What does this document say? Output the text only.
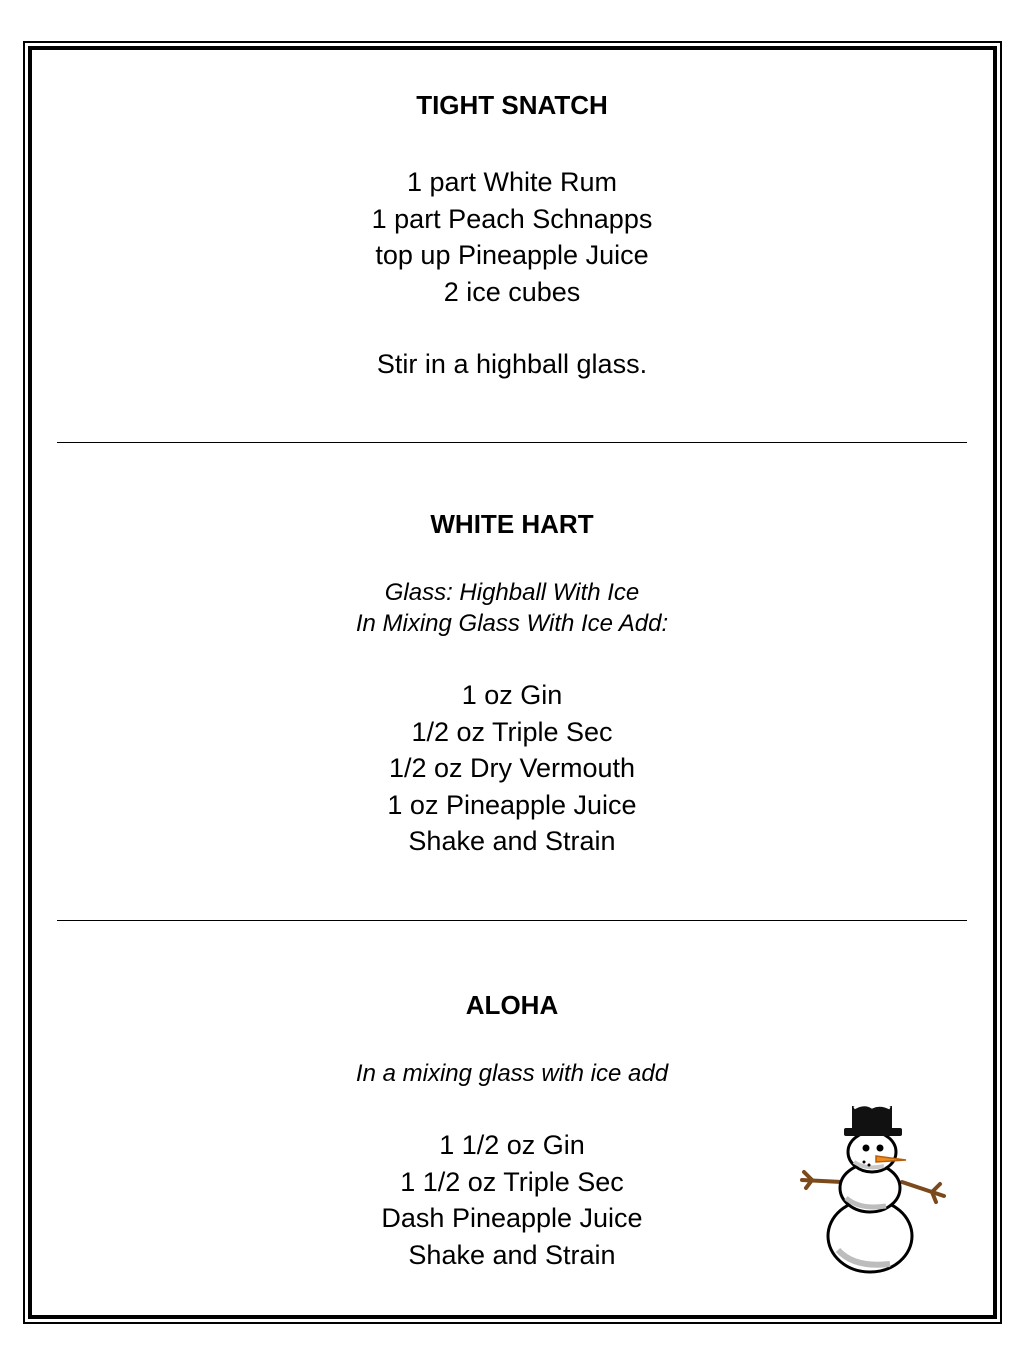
TIGHT SNATCH
1 part White Rum
1 part Peach Schnapps
top up Pineapple Juice
2 ice cubes
Stir in a highball glass.
WHITE HART
Glass: Highball With Ice
In Mixing Glass With Ice Add:
1 oz Gin
1/2 oz Triple Sec
1/2 oz Dry Vermouth
1 oz Pineapple Juice
Shake and Strain
ALOHA
In a mixing glass with ice add
1 1/2 oz Gin
1 1/2 oz Triple Sec
Dash Pineapple Juice
Shake and Strain
